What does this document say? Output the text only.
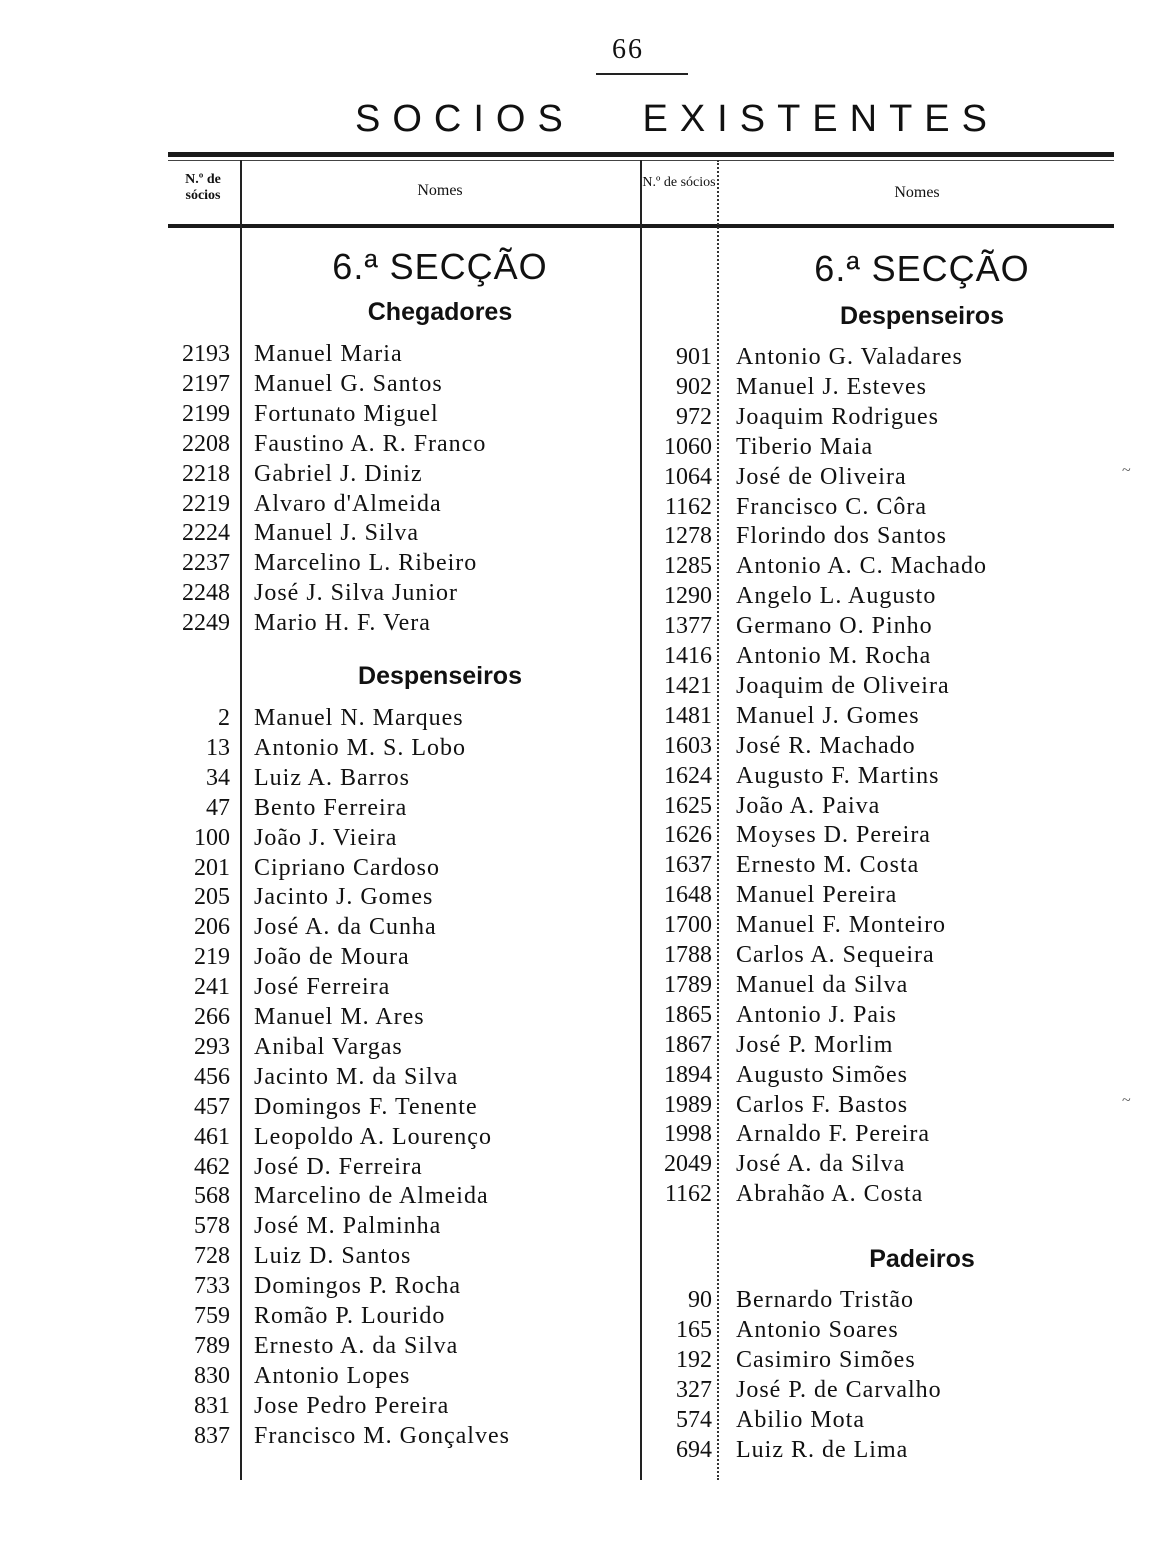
66
SOCIOS   EXISTENTES
N.º de sócios	Nomes	N.º de sócios
Nomes
6.ª SECÇÃO
Chegadores
2193 Manuel Maria
2197 Manuel G. Santos
2199 Fortunato Miguel
2208 Faustino A. R. Franco
2218 Gabriel J. Diniz
2219 Alvaro d'Almeida
2224 Manuel J. Silva
2237 Marcelino L. Ribeiro
2248 José J. Silva Junior
2249 Mario H. F. Vera
Despenseiros
2 Manuel N. Marques
13 Antonio M. S. Lobo
34 Luiz A. Barros
47 Bento Ferreira
100 João J. Vieira
201 Cipriano Cardoso
205 Jacinto J. Gomes
206 José A. da Cunha
219 João de Moura
241 José Ferreira
266 Manuel M. Ares
293 Anibal Vargas
456 Jacinto M. da Silva
457 Domingos F. Tenente
461 Leopoldo A. Lourenço
462 José D. Ferreira
568 Marcelino de Almeida
578 José M. Palminha
728 Luiz D. Santos
733 Domingos P. Rocha
759 Romão P. Lourido
789 Ernesto A. da Silva
830 Antonio Lopes
831 Jose Pedro Pereira
837 Francisco M. Gonçalves
6.ª SECÇÃO
Despenseiros
901 Antonio G. Valadares
902 Manuel J. Esteves
972 Joaquim Rodrigues
1060 Tiberio Maia
1064 José de Oliveira
1162 Francisco C. Côra
1278 Florindo dos Santos
1285 Antonio A. C. Machado
1290 Angelo L. Augusto
1377 Germano O. Pinho
1416 Antonio M. Rocha
1421 Joaquim de Oliveira
1481 Manuel J. Gomes
1603 José R. Machado
1624 Augusto F. Martins
1625 João A. Paiva
1626 Moyses D. Pereira
1637 Ernesto M. Costa
1648 Manuel Pereira
1700 Manuel F. Monteiro
1788 Carlos A. Sequeira
1789 Manuel da Silva
1865 Antonio J. Pais
1867 José P. Morlim
1894 Augusto Simões
1989 Carlos F. Bastos
1998 Arnaldo F. Pereira
2049 José A. da Silva
1162 Abrahão A. Costa
Padeiros
90 Bernardo Tristão
165 Antonio Soares
192 Casimiro Simões
327 José P. de Carvalho
574 Abilio Mota
694 Luiz R. de Lima
~
~
